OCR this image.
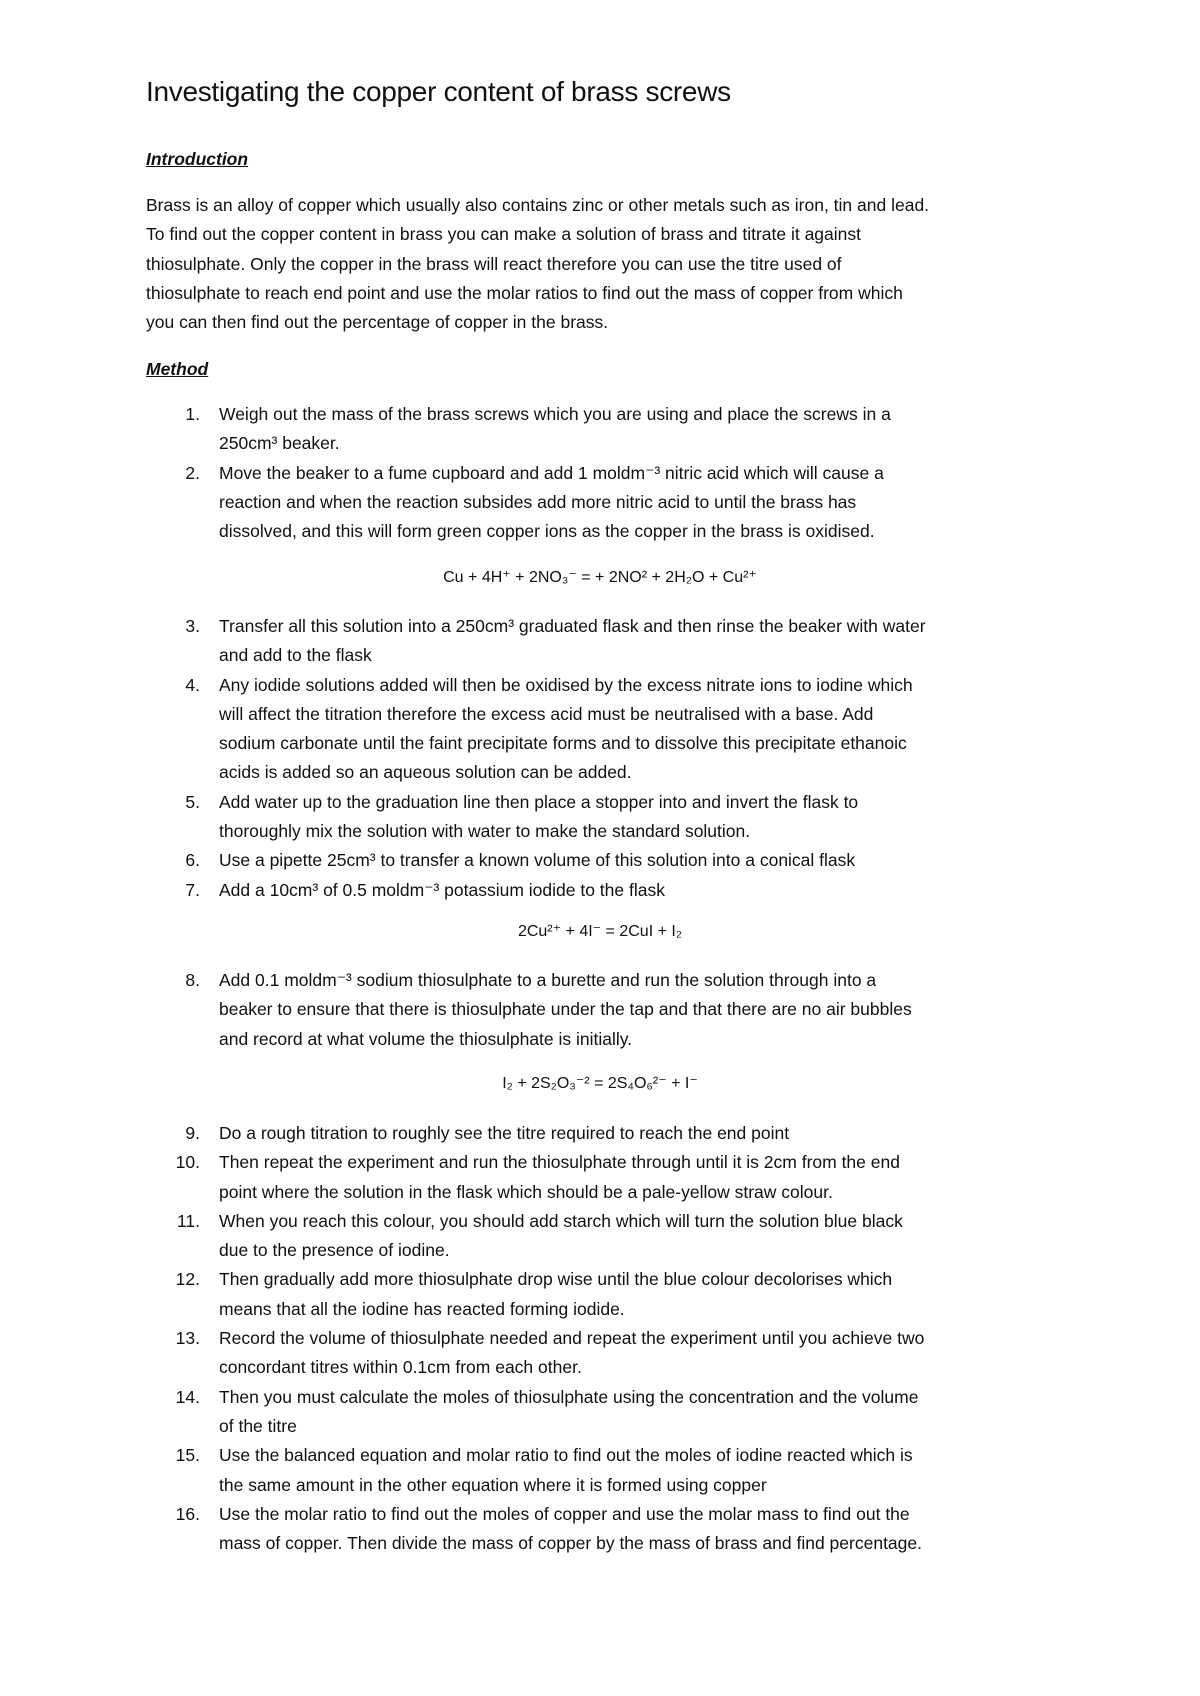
Investigating the copper content of brass screws
Introduction

Brass is an alloy of copper which usually also contains zinc or other metals such as iron, tin and lead.

To find out the copper content in brass you can make a solution of brass and titrate it against

thiosulphate. Only the copper in the brass will react therefore you can use the titre used of

thiosulphate to reach end point and use the molar ratios to find out the mass of copper from which

you can then find out the percentage of copper in the brass.

Method
1. Weigh out the mass of the brass screws which you are using and place the screws in a
250cm³ beaker.
2. Move the beaker to a fume cupboard and add 1 moldm⁻³ nitric acid which will cause a
reaction and when the reaction subsides add more nitric acid to until the brass has
dissolved, and this will form green copper ions as the copper in the brass is oxidised.

Cu + 4H⁺ + 2NO₃⁻ = + 2NO² + 2H₂O + Cu²⁺

3. Transfer all this solution into a 250cm³ graduated flask and then rinse the beaker with water
and add to the flask
4. Any iodide solutions added will then be oxidised by the excess nitrate ions to iodine which
will affect the titration therefore the excess acid must be neutralised with a base. Add
sodium carbonate until the faint precipitate forms and to dissolve this precipitate ethanoic
acids is added so an aqueous solution can be added.
5. Add water up to the graduation line then place a stopper into and invert the flask to
thoroughly mix the solution with water to make the standard solution.
6. Use a pipette 25cm³ to transfer a known volume of this solution into a conical flask
7. Add a 10cm³ of 0.5 moldm⁻³ potassium iodide to the flask

2Cu²⁺ + 4I⁻ = 2CuI + I₂

8. Add 0.1 moldm⁻³ sodium thiosulphate to a burette and run the solution through into a
beaker to ensure that there is thiosulphate under the tap and that there are no air bubbles
and record at what volume the thiosulphate is initially.

I₂ + 2S₂O₃⁻² = 2S₄O₆²⁻ + I⁻

9. Do a rough titration to roughly see the titre required to reach the end point
10. Then repeat the experiment and run the thiosulphate through until it is 2cm from the end
point where the solution in the flask which should be a pale-yellow straw colour.
11. When you reach this colour, you should add starch which will turn the solution blue black
due to the presence of iodine.
12. Then gradually add more thiosulphate drop wise until the blue colour decolorises which
means that all the iodine has reacted forming iodide.
13. Record the volume of thiosulphate needed and repeat the experiment until you achieve two
concordant titres within 0.1cm from each other.
14. Then you must calculate the moles of thiosulphate using the concentration and the volume
of the titre
15. Use the balanced equation and molar ratio to find out the moles of iodine reacted which is
the same amount in the other equation where it is formed using copper
16. Use the molar ratio to find out the moles of copper and use the molar mass to find out the
mass of copper. Then divide the mass of copper by the mass of brass and find percentage.
